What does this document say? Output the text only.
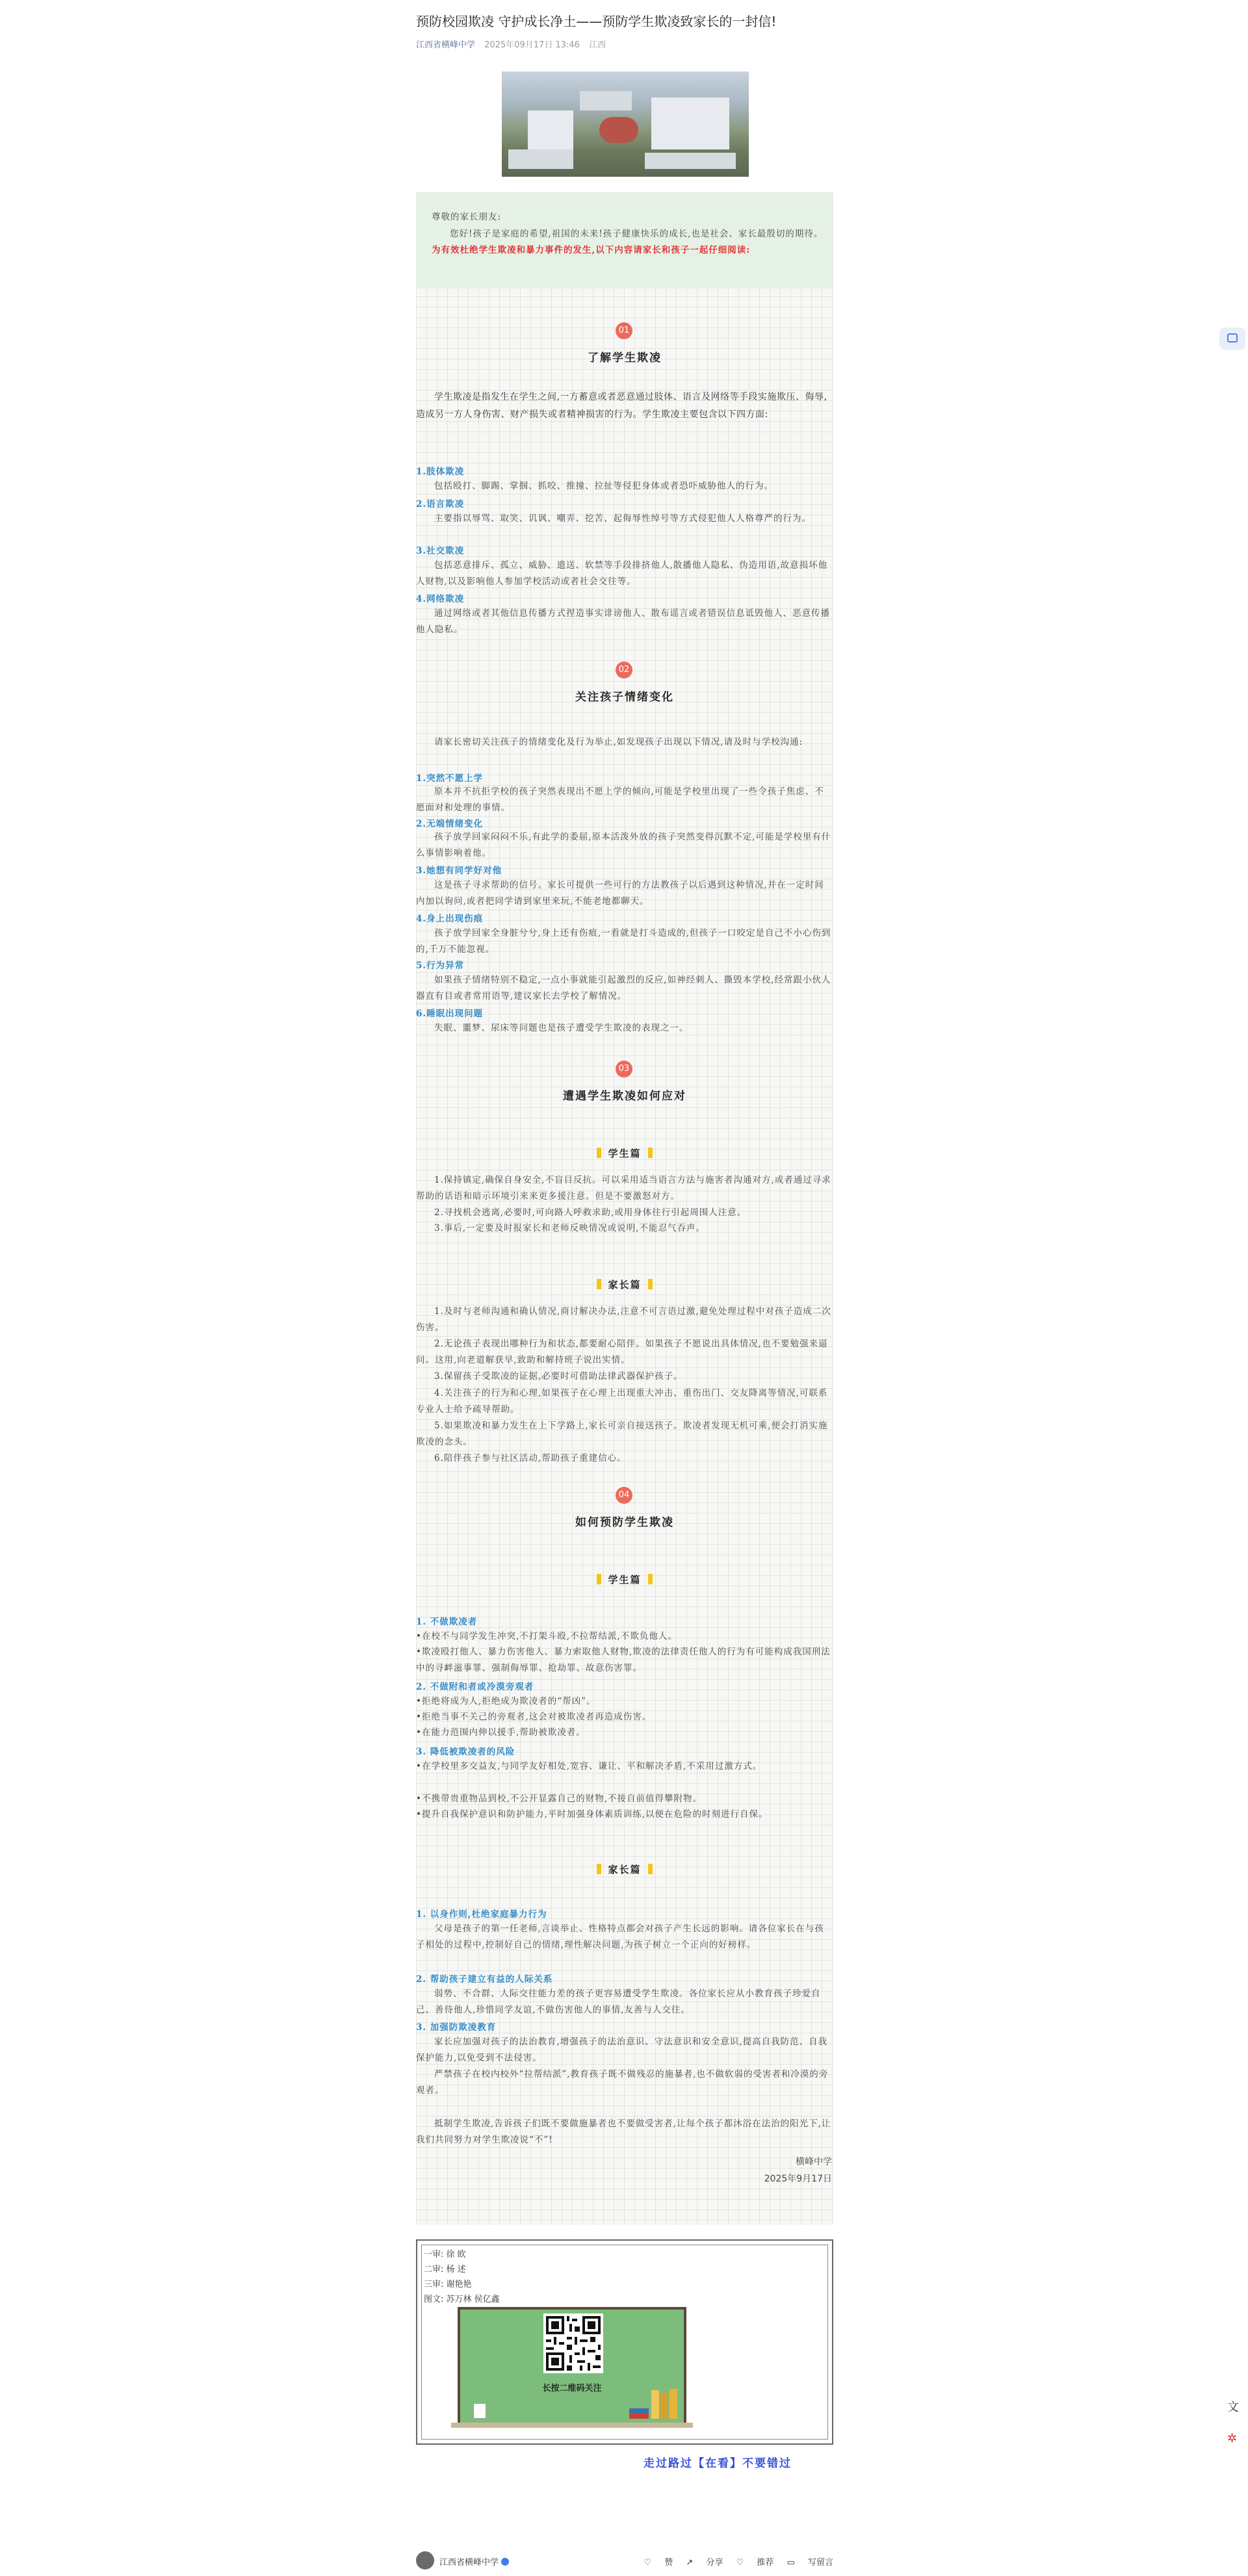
预防校园欺凌 守护成长净土——预防学生欺凌致家长的一封信!
江西省横峰中学 2025年09月17日 13:46 江西
尊敬的家长朋友:
您好!孩子是家庭的希望,祖国的未来!孩子健康快乐的成长,也是社会、家长最殷切的期待。为有效杜绝学生欺凌和暴力事件的发生,以下内容请家长和孩子一起仔细阅读:
01
了解学生欺凌
学生欺凌是指发生在学生之间,一方蓄意或者恶意通过肢体、语言及网络等手段实施欺压、侮辱,造成另一方人身伤害、财产损失或者精神损害的行为。学生欺凌主要包含以下四方面:
1.肢体欺凌
包括殴打、脚踢、掌掴、抓咬、推撞、拉扯等侵犯身体或者恐吓威胁他人的行为。
2.语言欺凌
主要指以辱骂、取笑、讥讽、嘲弄、挖苦、起侮辱性绰号等方式侵犯他人人格尊严的行为。
3.社交欺凌
包括恶意排斥、孤立、威胁、遗送、软禁等手段排挤他人,散播他人隐私、伪造用语,故意损坏他人财物,以及影响他人参加学校活动或者社会交往等。
4.网络欺凌
通过网络或者其他信息传播方式捏造事实诽谤他人、散布谣言或者错误信息诋毁他人、恶意传播他人隐私。
02
关注孩子情绪变化
请家长密切关注孩子的情绪变化及行为举止,如发现孩子出现以下情况,请及时与学校沟通:
1.突然不愿上学
原本并不抗拒学校的孩子突然表现出不愿上学的倾向,可能是学校里出现了一些令孩子焦虑、不愿面对和处理的事情。
2.无端情绪变化
孩子放学回家闷闷不乐,有此学的委屈,原本活泼外放的孩子突然变得沉默不定,可能是学校里有什么事情影响着他。
3.她想有同学好对他
这是孩子寻求帮助的信号。家长可提供一些可行的方法教孩子以后遇到这种情况,并在一定时间内加以询问,或者把同学请到家里来玩,不能老地都聊天。
4.身上出现伤痕
孩子放学回家全身脏兮兮,身上还有伤痕,一看就是打斗造成的,但孩子一口咬定是自己不小心伤到的,千万不能忽视。
5.行为异常
如果孩子情绪特别不稳定,一点小事就能引起激烈的反应,如神经刺人、撕毁本学校,经常跟小伙人器直有目或者常用语等,建议家长去学校了解情况。
6.睡眠出现问题
失眠、噩梦、尿床等问题也是孩子遭受学生欺凌的表现之一。
03
遭遇学生欺凌如何应对
学生篇
1.保持镇定,确保自身安全,不盲目反抗。可以采用适当语言方法与施害者沟通对方,或者通过寻求帮助的话语和暗示环境引来来更多援注意。但是不要激怒对方。
2.寻找机会逃离,必要时,可向路人呼救求助,或用身体往行引起周围人注意。
3.事后,一定要及时报家长和老师反映情况或说明,不能忍气吞声。
家长篇
1.及时与老师沟通和确认情况,商讨解决办法,注意不可言语过激,避免处理过程中对孩子造成二次伤害。
2.无论孩子表现出哪种行为和状态,都要耐心陪伴。如果孩子不愿说出具体情况,也不要勉强来逼问。这用,向老道解获早,致助和解持班子说出实情。
3.保留孩子受欺凌的证据,必要时可借助法律武器保护孩子。
4.关注孩子的行为和心理,如果孩子在心理上出现重大冲击、重伤出门、交友降离等情况,可联系专业人士给予疏导帮助。
5.如果欺凌和暴力发生在上下学路上,家长可亲自接送孩子。欺凌者发现无机可乘,便会打消实施欺凌的念头。
6.陪伴孩子参与社区活动,帮助孩子重建信心。
04
如何预防学生欺凌
学生篇
1. 不做欺凌者
•在校不与同学发生冲突,不打架斗殴,不拉帮结派,不欺负他人。
•欺凌殴打他人、暴力伤害他人、暴力索取他人财物,欺凌的法律责任他人的行为有可能构成我国刑法中的寻衅滋事罪、强制侮辱罪、抢劫罪、故意伤害罪。
2. 不做附和者或冷漠旁观者
•拒绝将成为人,拒绝成为欺凌者的“帮凶”。
•拒绝当事不关己的旁观者,这会对被欺凌者再造成伤害。
•在能力范围内伸以援手,帮助被欺凌者。
3. 降低被欺凌者的风险
•在学校里多交益友,与同学友好相处,宽容、谦让、平和解决矛盾,不采用过激方式。
•不携带贵重物品到校,不公开显露自己的财物,不接自前值得攀附物。
•提升自我保护意识和防护能力,平时加强身体素质训练,以便在危险的时刻进行自保。
家长篇
1. 以身作则,杜绝家庭暴力行为
父母是孩子的第一任老师,言谈举止、性格特点都会对孩子产生长远的影响。请各位家长在与孩子相处的过程中,控制好自己的情绪,理性解决问题,为孩子树立一个正向的好榜样。
2. 帮助孩子建立有益的人际关系
弱势、不合群、人际交往能力差的孩子更容易遭受学生欺凌。各位家长应从小教育孩子珍爱自己、善待他人,珍惜同学友谊,不做伤害他人的事情,友善与人交往。
3. 加强防欺凌教育
家长应加强对孩子的法治教育,增强孩子的法治意识、守法意识和安全意识,提高自我防范、自我保护能力,以免受到不法侵害。
严禁孩子在校内校外“拉帮结派”,教育孩子既不做残忍的施暴者,也不做软弱的受害者和冷漠的旁观者。
抵制学生欺凌,告诉孩子们既不要做施暴者也不要做受害者,让每个孩子都沐浴在法治的阳光下,让我们共同努力对学生欺凌说“不”!
横峰中学
2025年9月17日
一审: 徐 欧
二审: 杨 述
三审: 谢艳艳
图文: 苏万林 侯亿鑫
长按二维码关注
走过路过【在看】不要错过
江西省横峰中学	♡ 赞 ↗ 分享 ♡ 推荐 ▭ 写留言
文
✲
